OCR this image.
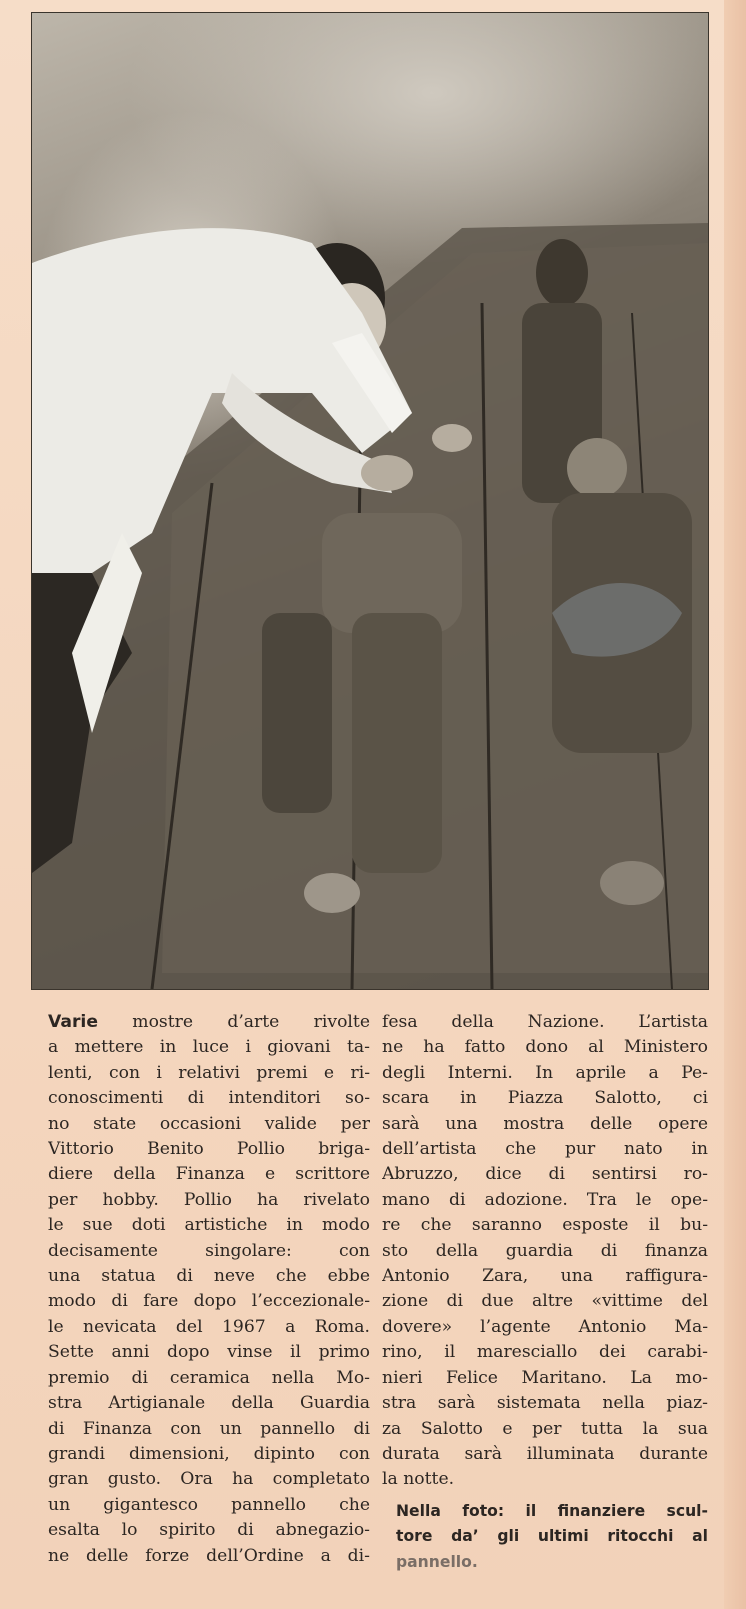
Varie mostre d’arte rivolte
a mettere in luce i giovani ta-
lenti, con i relativi premi e ri-
conoscimenti di intenditori so-
no state occasioni valide per
Vittorio Benito Pollio briga-
diere della Finanza e scrittore
per hobby. Pollio ha rivelato
le sue doti artistiche in modo
decisamente singolare: con
una statua di neve che ebbe
modo di fare dopo l’eccezionale-
le nevicata del 1967 a Roma.
Sette anni dopo vinse il primo
premio di ceramica nella Mo-
stra Artigianale della Guardia
di Finanza con un pannello di
grandi dimensioni, dipinto con
gran gusto. Ora ha completato
un gigantesco pannello che
esalta lo spirito di abnegazio-
ne delle forze dell’Ordine a di-
fesa della Nazione. L’artista
ne ha fatto dono al Ministero
degli Interni. In aprile a Pe-
scara in Piazza Salotto, ci
sarà una mostra delle opere
dell’artista che pur nato in
Abruzzo, dice di sentirsi ro-
mano di adozione. Tra le ope-
re che saranno esposte il bu-
sto della guardia di finanza
Antonio Zara, una raffigura-
zione di due altre «vittime del
dovere» l’agente Antonio Ma-
rino, il maresciallo dei carabi-
nieri Felice Maritano. La mo-
stra sarà sistemata nella piaz-
za Salotto e per tutta la sua
durata sarà illuminata durante
la notte.
Nella foto: il finanziere scul-
tore da’ gli ultimi ritocchi al
pannello.
